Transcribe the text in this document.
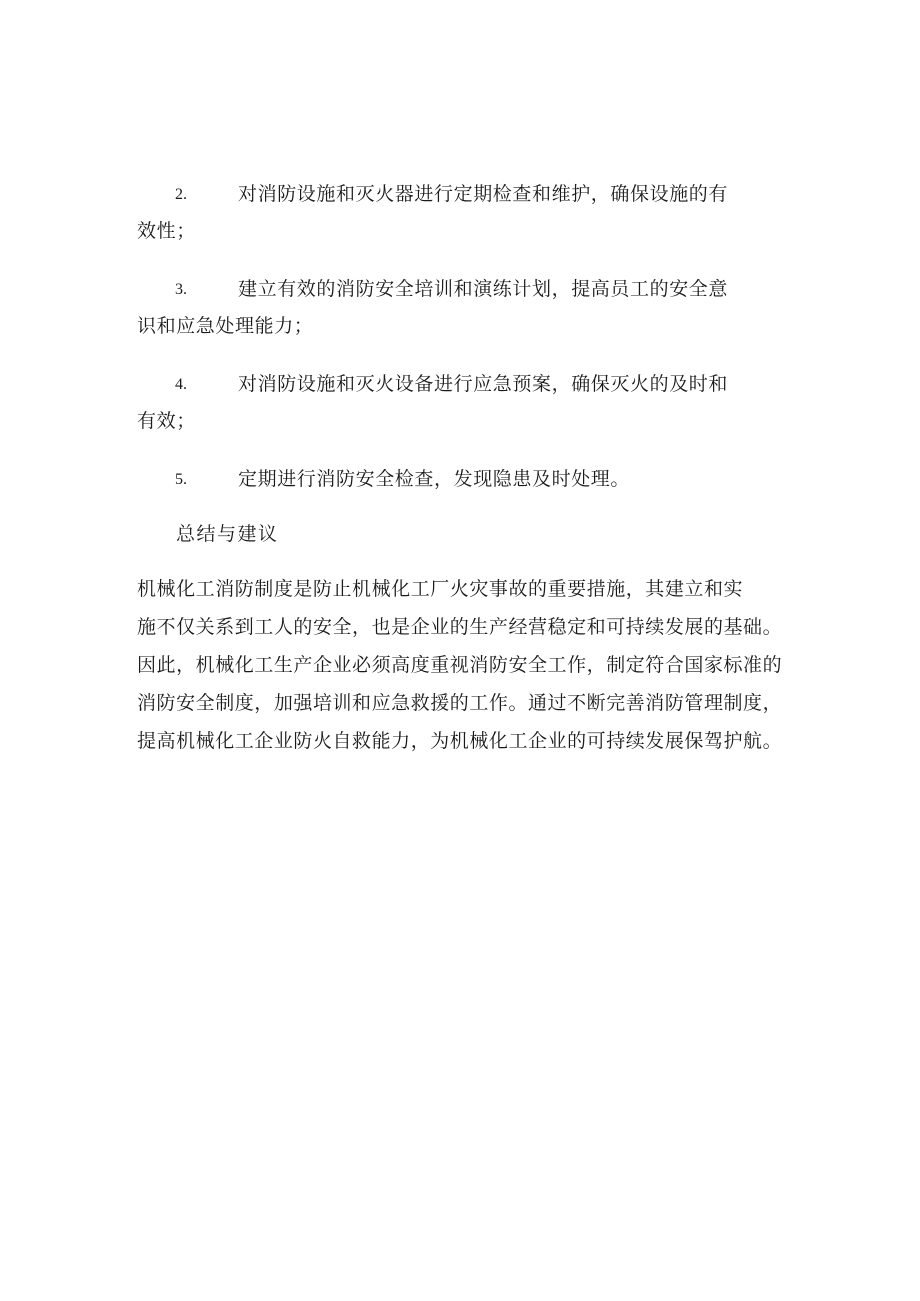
2.	对消防设施和灭火器进行定期检查和维护，确保设施的有
效性；
3.	建立有效的消防安全培训和演练计划，提高员工的安全意
识和应急处理能力；
4.	对消防设施和灭火设备进行应急预案，确保灭火的及时和
有效；
5.	定期进行消防安全检查，发现隐患及时处理。
总结与建议
机械化工消防制度是防止机械化工厂火灾事故的重要措施，其建立和实
施不仅关系到工人的安全，也是企业的生产经营稳定和可持续发展的基础。
因此，机械化工生产企业必须高度重视消防安全工作，制定符合国家标准的
消防安全制度，加强培训和应急救援的工作。通过不断完善消防管理制度，
提高机械化工企业防火自救能力，为机械化工企业的可持续发展保驾护航。
